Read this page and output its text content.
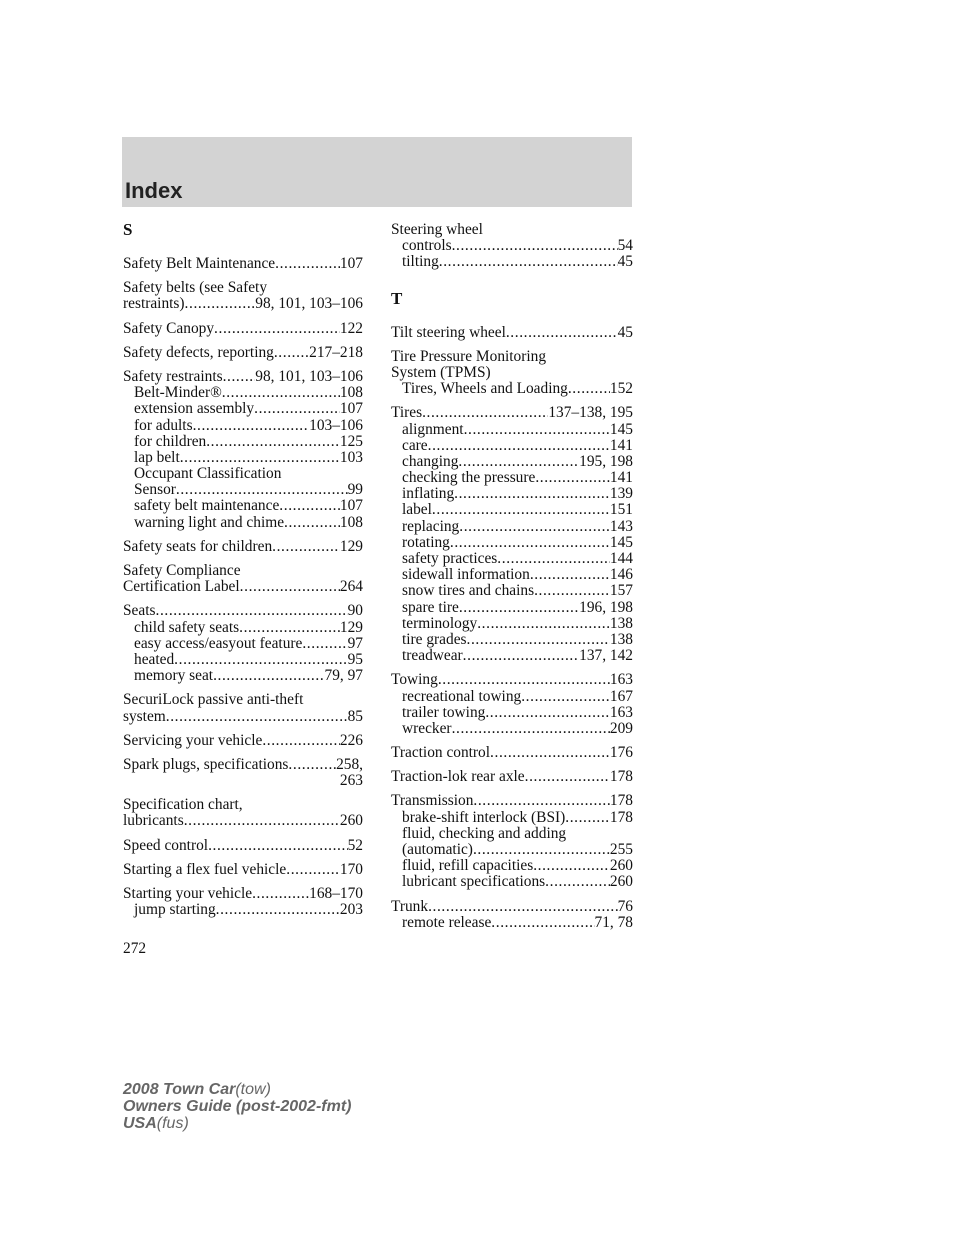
Index
S
Safety Belt Maintenance .....	107
Safety belts (see Safety
restraints) .....	98, 101, 103–106
Safety Canopy .....	122
Safety defects, reporting ..... 217–218
Safety restraints ..... 98, 101, 103–106
Belt-Minder® .....	108
extension assembly .....	107
for adults .....	103–106
for children .....	125
lap belt .....	103
Occupant Classification
Sensor .....	99
safety belt maintenance .....	107
warning light and chime .....	108
Safety seats for children .....	129
Safety Compliance
Certification Label .....	264
Seats .....	90
child safety seats .....	129
easy access/easyout feature .....	97
heated .....	95
memory seat .....	79, 97
SecuriLock passive anti-theft
system .....	85
Servicing your vehicle .....	226
Spark plugs, specifications .....	258,
263
Specification chart,
lubricants .....	260
Speed control .....	52
Starting a flex fuel vehicle .....	170
Starting your vehicle .....	168–170
jump starting .....	203
Steering wheel
controls .....	54
tilting .....	45
T
Tilt steering wheel .....	45
Tire Pressure Monitoring
System (TPMS)
Tires, Wheels and Loading .....	152
Tires .....	137–138, 195
alignment .....	145
care .....	141
changing .....	195, 198
checking the pressure .....	141
inflating .....	139
label .....	151
replacing .....	143
rotating .....	145
safety practices .....	144
sidewall information .....	146
snow tires and chains .....	157
spare tire .....	196, 198
terminology .....	138
tire grades .....	138
treadwear .....	137, 142
Towing .....	163
recreational towing .....	167
trailer towing .....	163
wrecker .....	209
Traction control .....	176
Traction-lok rear axle .....	178
Transmission .....	178
brake-shift interlock (BSI) .....	178
fluid, checking and adding
(automatic) .....	255
fluid, refill capacities .....	260
lubricant specifications .....	260
Trunk .....	76
remote release .....	71, 78
272
2008 Town Car(tow)
Owners Guide (post-2002-fmt)
USA(fus)
